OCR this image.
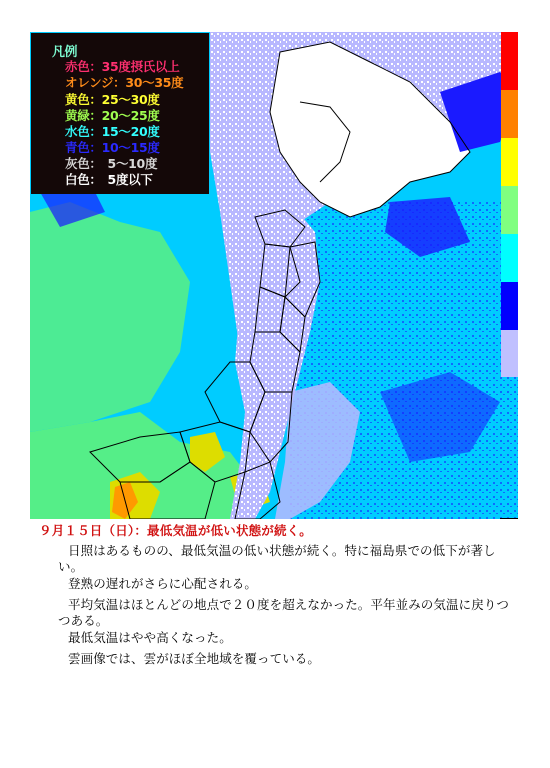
凡例
赤色：35度摂氏以上
オレンジ：30～35度
黄色：25～30度
黄緑：20～25度
水色：15～20度
青色：10～15度
灰色：　5～10度
白色：　5度以下
９月１５日（日）：最低気温が低い状態が続く。
日照はあるものの、最低気温の低い状態が続く。特に福島県での低下が著しい。
登熟の遅れがさらに心配される。
平均気温はほとんどの地点で２０度を超えなかった。平年並みの気温に戻りつつある。
最低気温はやや高くなった。
雲画像では、雲がほぼ全地域を覆っている。
